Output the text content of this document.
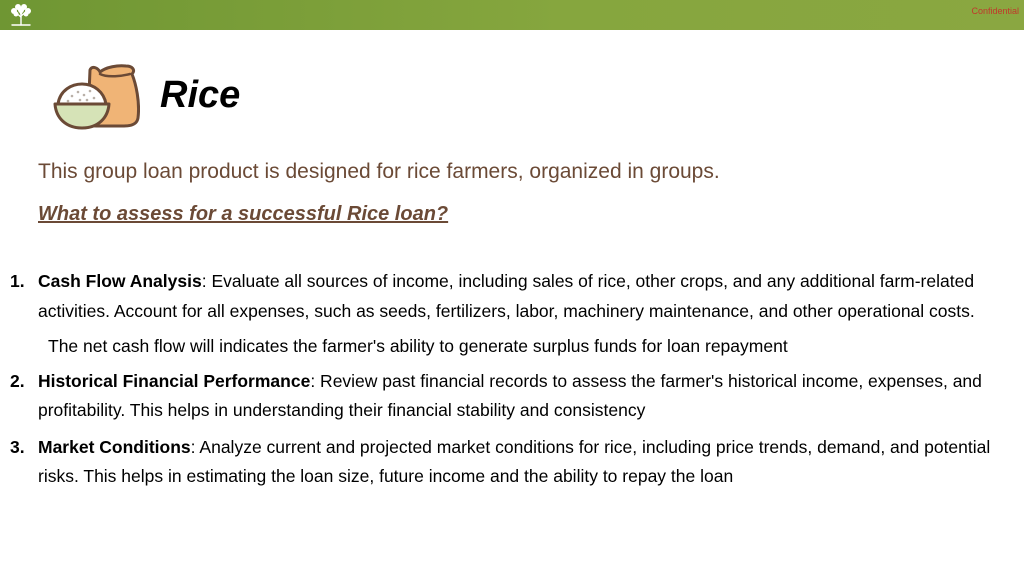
Confidential
Rice
This group loan product is designed for rice farmers, organized in groups.
What to assess for a successful Rice loan?
1. Cash Flow Analysis: Evaluate all sources of income, including sales of rice, other crops, and any additional farm-related activities. Account for all expenses, such as seeds, fertilizers, labor, machinery maintenance, and other operational costs.
The net cash flow will indicates the farmer's ability to generate surplus funds for loan repayment
2. Historical Financial Performance: Review past financial records to assess the farmer's historical income, expenses, and profitability. This helps in understanding their financial stability and consistency
3. Market Conditions: Analyze current and projected market conditions for rice, including price trends, demand, and potential risks. This helps in estimating the loan size, future income and the ability to repay the loan
